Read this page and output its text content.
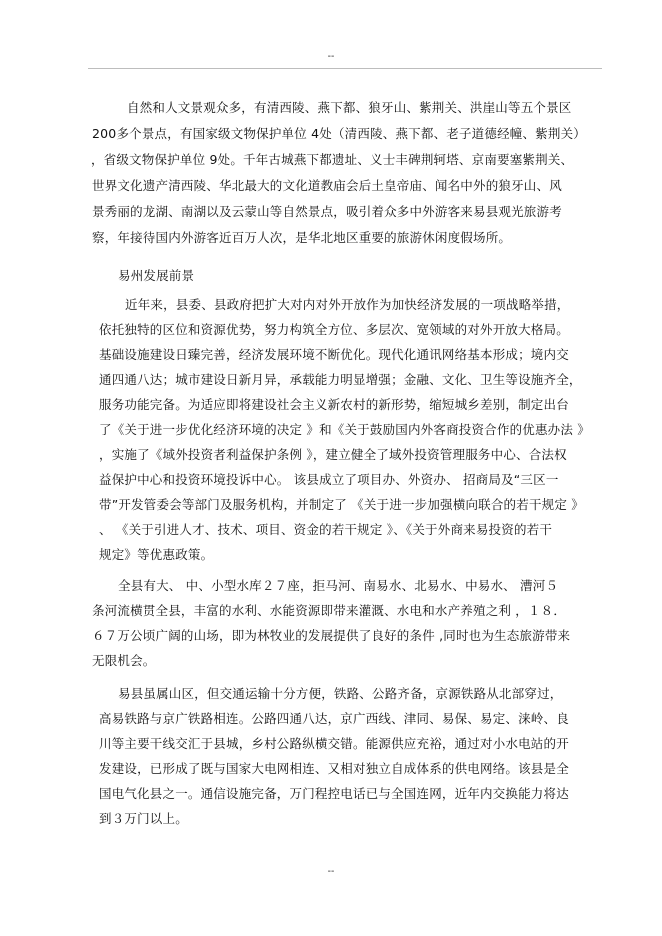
--
自然和人文景观众多，有清西陵、燕下都、狼牙山、紫荆关、洪崖山等五个景区
200多个景点，有国家级文物保护单位 4处（清西陵、燕下都、老子道德经幢、紫荆关）
，省级文物保护单位 9处。千年古城燕下都遗址、义士丰碑荆轲塔、京南要塞紫荆关、
世界文化遗产清西陵、华北最大的文化道教庙会后土皇帝庙、闻名中外的狼牙山、风
景秀丽的龙湖、南湖以及云蒙山等自然景点，吸引着众多中外游客来易县观光旅游考
察，年接待国内外游客近百万人次，是华北地区重要的旅游休闲度假场所。
易州发展前景
近年来，县委、县政府把扩大对内对外开放作为加快经济发展的一项战略举措，
依托独特的区位和资源优势，努力构筑全方位、多层次、宽领域的对外开放大格局。
基础设施建设日臻完善，经济发展环境不断优化。现代化通讯网络基本形成；境内交
通四通八达；城市建设日新月异，承载能力明显增强；金融、文化、卫生等设施齐全，
服务功能完备。为适应即将建设社会主义新农村的新形势，缩短城乡差别，制定出台
了《关于进一步优化经济环境的决定 》和《关于鼓励国内外客商投资合作的优惠办法 》
，实施了《域外投资者利益保护条例 》，建立健全了域外投资管理服务中心、合法权
益保护中心和投资环境投诉中心。 该县成立了项目办、外资办、 招商局及“三区一
带”开发管委会等部门及服务机构，并制定了 《关于进一步加强横向联合的若干规定 》
、 《关于引进人才、技术、项目、资金的若干规定 》、《关于外商来易投资的若干
规定》等优惠政策。
全县有大、 中、小型水库２７座，拒马河、南易水、北易水、中易水、 漕河５
条河流横贯全县，丰富的水利、水能资源即带来灌溉、水电和水产养殖之利 ，１８．
６７万公顷广阔的山场，即为林牧业的发展提供了良好的条件 ,同时也为生态旅游带来
无限机会。
易县虽属山区，但交通运输十分方便，铁路、公路齐备，京源铁路从北部穿过，
高易铁路与京广铁路相连。公路四通八达，京广西线、津同、易保、易定、涞岭、良
川等主要干线交汇于县城，乡村公路纵横交错。能源供应充裕，通过对小水电站的开
发建设，已形成了既与国家大电网相连、又相对独立自成体系的供电网络。该县是全
国电气化县之一。通信设施完备，万门程控电话已与全国连网，近年内交换能力将达
到３万门以上。
--
